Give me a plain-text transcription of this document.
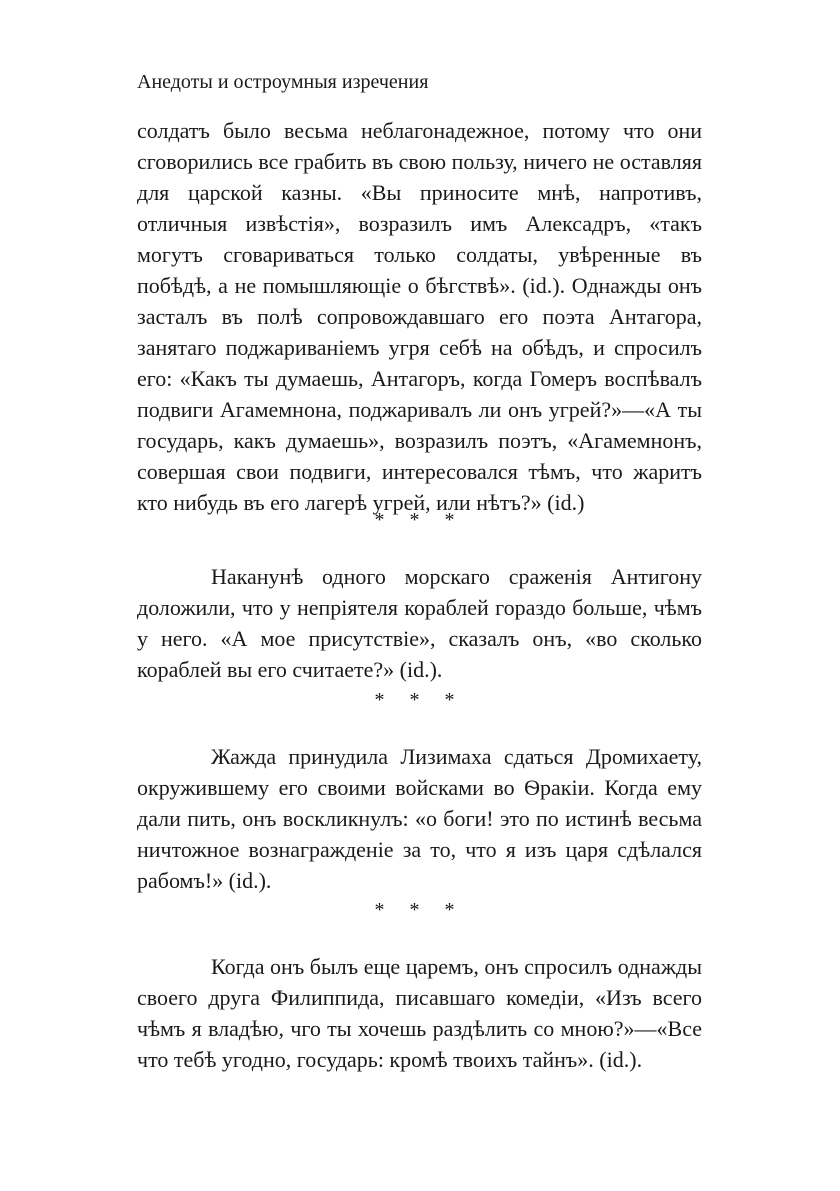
Анедоты и остроумныя изречения

солдатъ было весьма неблагонадежное, потому что они сговорились все грабить въ свою пользу, ничего не оставляя для царской казны. «Вы приносите мнѣ, напротивъ, отличныя извѣстія», возразилъ имъ Алексадръ, «такъ могутъ сговариваться только солдаты, увѣренные въ побѣдѣ, а не помышляющіе о бѣгствѣ». (id.). Однажды онъ засталъ въ полѣ сопровождавшаго его поэта Антагора, занятаго поджариваніемъ угря себѣ на обѣдъ, и спросилъ его: «Какъ ты думаешь, Антагоръ, когда Гомеръ воспѣвалъ подвиги Агамемнона, поджаривалъ ли онъ угрей?»—«А ты государь, какъ думаешь», возразилъ поэтъ, «Агамемнонъ, совершая свои подвиги, интересовался тѣмъ, что жаритъ кто нибудь въ его лагерѣ угрей, или нѣтъ?» (id.)

* * *

Наканунѣ одного морскаго сраженія Антигону доложили, что у непріятеля кораблей гораздо больше, чѣмъ у него. «А мое присутствіе», сказалъ онъ, «во сколько кораблей вы его считаете?» (id.).

* * *

Жажда принудила Лизимаха сдаться Дромихаету, окружившему его своими войсками во Ѳракіи. Когда ему дали пить, онъ воскликнулъ: «о боги! это по истинѣ весьма ничтожное вознагражденіе за то, что я изъ царя сдѣлался рабомъ!» (id.).

* * *

Когда онъ былъ еще царемъ, онъ спросилъ однажды своего друга Филиппида, писавшаго комедіи, «Изъ всего чѣмъ я владѣю, чго ты хочешь раздѣлить со мною?»—«Все что тебѣ угодно, государь: кромѣ твоихъ тайнъ». (id.).
